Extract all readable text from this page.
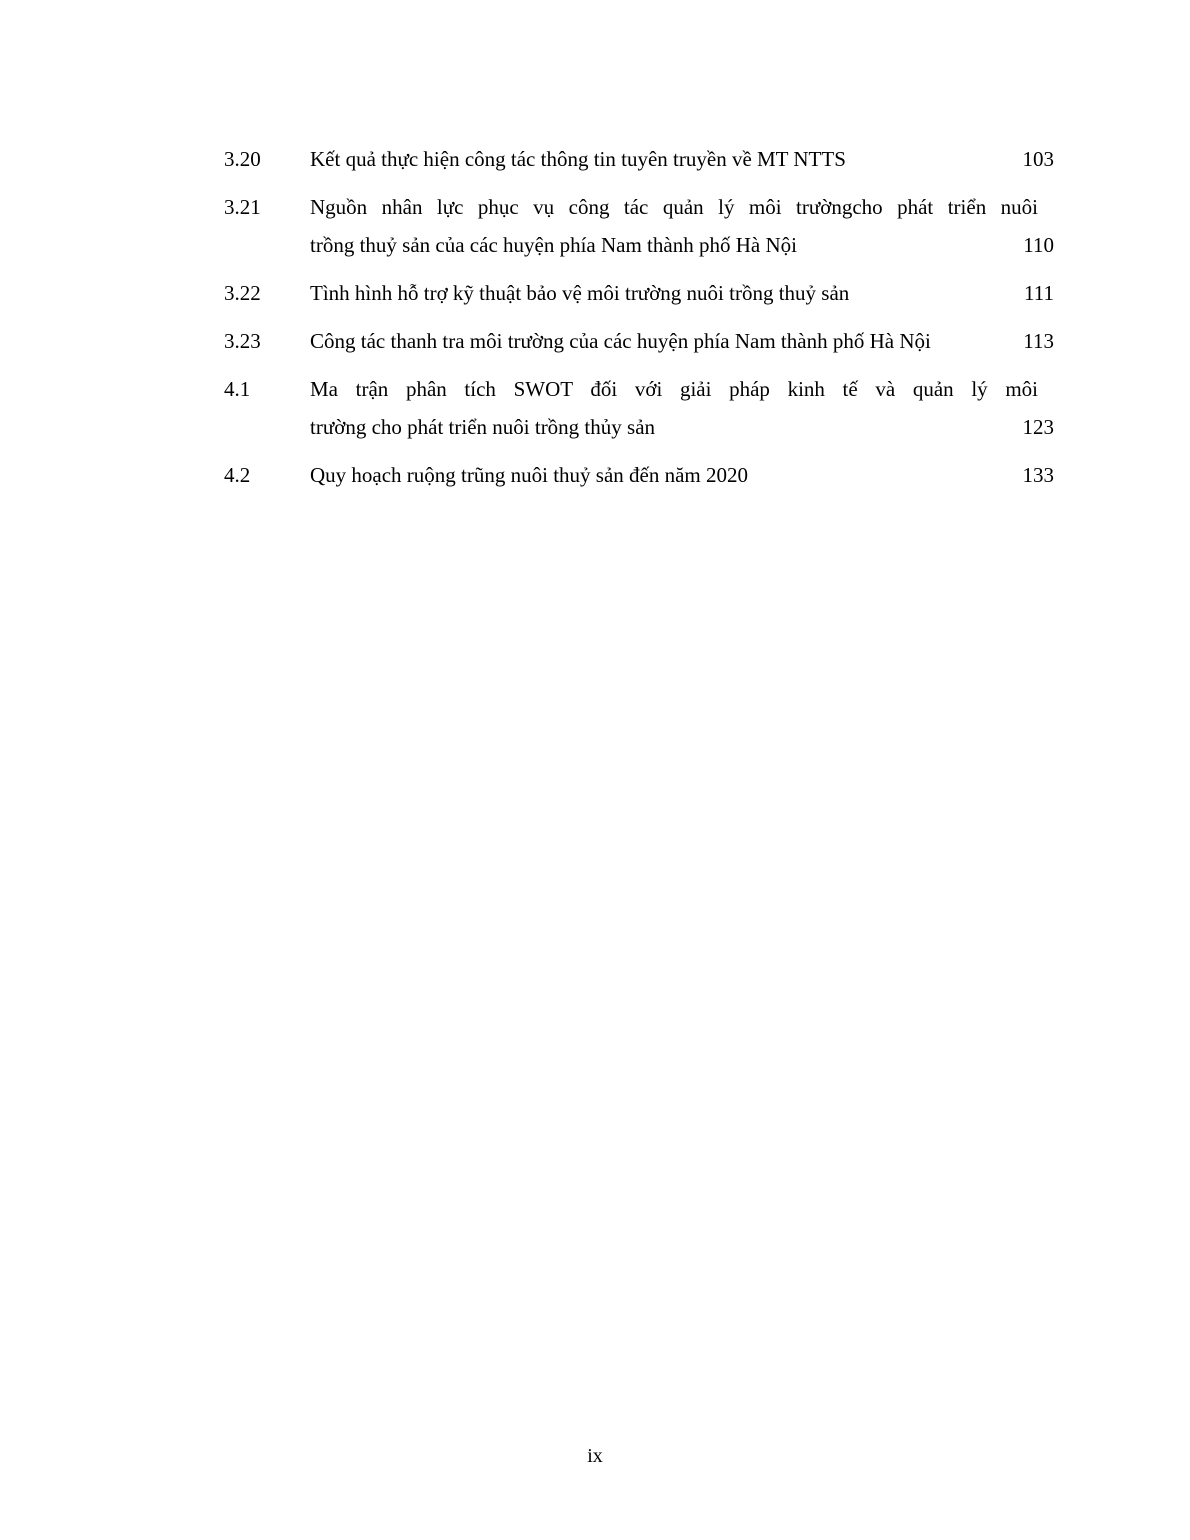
3.20	Kết quả thực hiện công tác thông tin tuyên truyền về MT NTTS	103
3.21	Nguồn nhân lực phục vụ công tác quản lý môi trườngcho phát triển nuôi
trồng thuỷ sản của các huyện phía Nam thành phố Hà Nội	110
3.22	Tình hình hỗ trợ kỹ thuật bảo vệ môi trường nuôi trồng thuỷ sản	111
3.23	Công tác thanh tra môi trường của các huyện phía Nam thành phố Hà Nội	113
4.1	Ma trận phân tích SWOT đối với giải pháp kinh tế và quản lý môi
trường cho phát triển nuôi trồng thủy sản	123
4.2	Quy hoạch ruộng trũng nuôi thuỷ sản đến năm 2020	133
ix
